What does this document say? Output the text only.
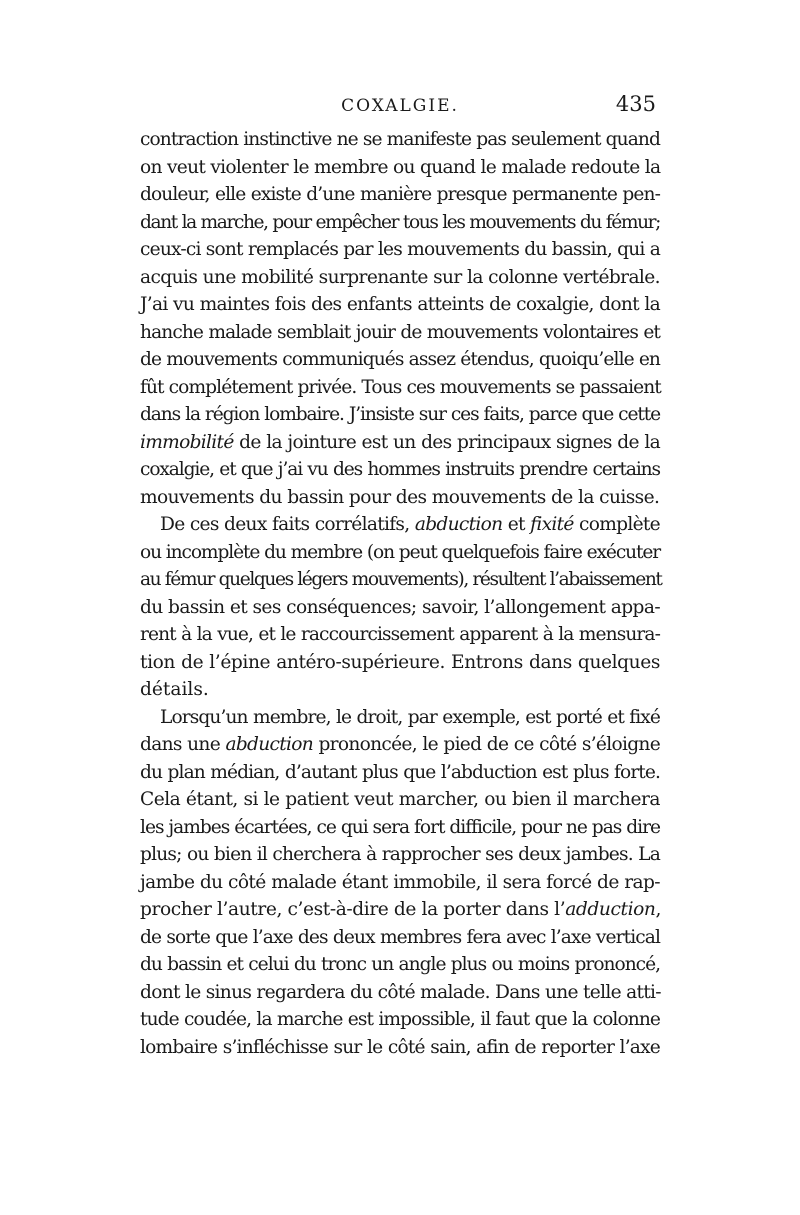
COXALGIE.	435
contraction instinctive ne se manifeste pas seulement quand
on veut violenter le membre ou quand le malade redoute la
douleur, elle existe d’une manière presque permanente pen-
dant la marche, pour empêcher tous les mouvements du fémur;
ceux-ci sont remplacés par les mouvements du bassin, qui a
acquis une mobilité surprenante sur la colonne vertébrale.
J’ai vu maintes fois des enfants atteints de coxalgie, dont la
hanche malade semblait jouir de mouvements volontaires et
de mouvements communiqués assez étendus, quoiqu’elle en
fût complétement privée. Tous ces mouvements se passaient
dans la région lombaire. J’insiste sur ces faits, parce que cette
immobilité de la jointure est un des principaux signes de la
coxalgie, et que j’ai vu des hommes instruits prendre certains
mouvements du bassin pour des mouvements de la cuisse.
De ces deux faits corrélatifs, abduction et fixité complète
ou incomplète du membre (on peut quelquefois faire exécuter
au fémur quelques légers mouvements), résultent l’abaissement
du bassin et ses conséquences; savoir, l’allongement appa-
rent à la vue, et le raccourcissement apparent à la mensura-
tion de l’épine antéro-supérieure. Entrons dans quelques
détails.
Lorsqu’un membre, le droit, par exemple, est porté et fixé
dans une abduction prononcée, le pied de ce côté s’éloigne
du plan médian, d’autant plus que l’abduction est plus forte.
Cela étant, si le patient veut marcher, ou bien il marchera
les jambes écartées, ce qui sera fort difficile, pour ne pas dire
plus; ou bien il cherchera à rapprocher ses deux jambes. La
jambe du côté malade étant immobile, il sera forcé de rap-
procher l’autre, c’est-à-dire de la porter dans l’adduction,
de sorte que l’axe des deux membres fera avec l’axe vertical
du bassin et celui du tronc un angle plus ou moins prononcé,
dont le sinus regardera du côté malade. Dans une telle atti-
tude coudée, la marche est impossible, il faut que la colonne
lombaire s’infléchisse sur le côté sain, afin de reporter l’axe
